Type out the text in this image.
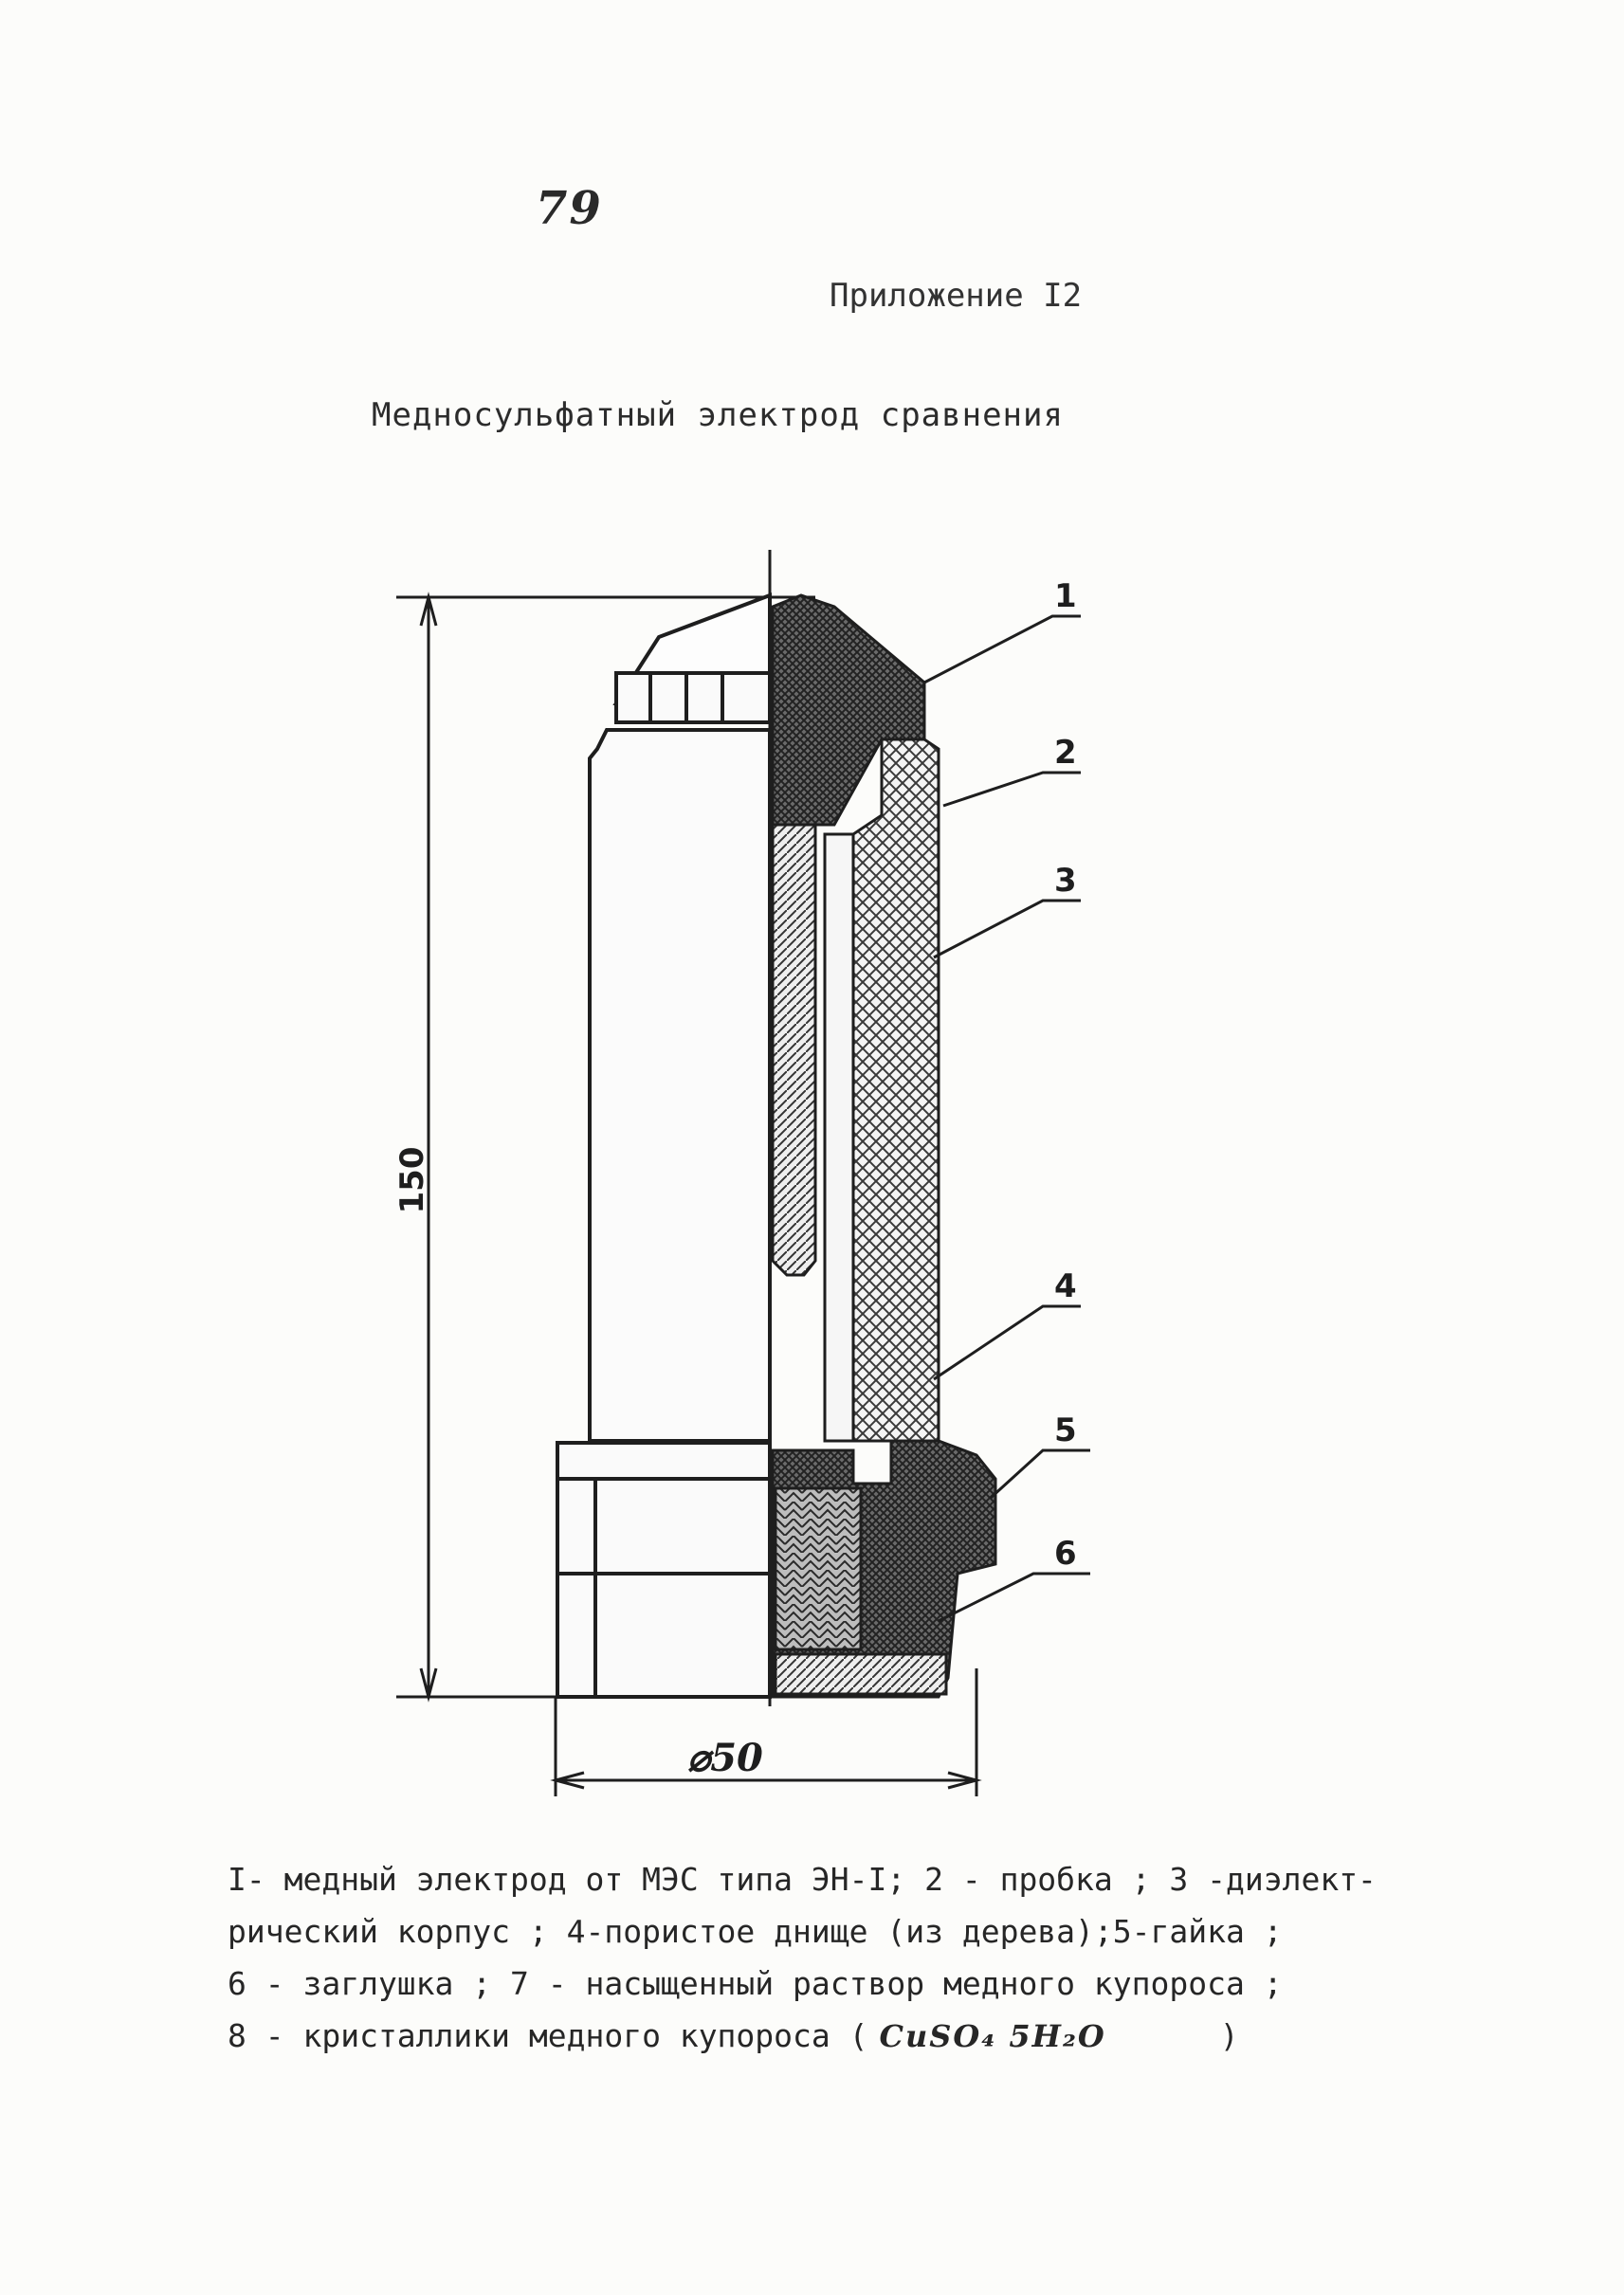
79
Приложение I2
Медносульфатный электрод сравнения
150
⌀50
1
2
3
4
5
6
I- медный электрод от МЭС типа ЭН-I; 2 - пробка ; 3 -диэлект-
рический корпус ; 4-пористое днище (из дерева);5-гайка ;
6 - заглушка ; 7 - насыщенный раствор медного купороса ;
8 - кристаллики медного купороса ( CuSO₄ 5H₂O	)
